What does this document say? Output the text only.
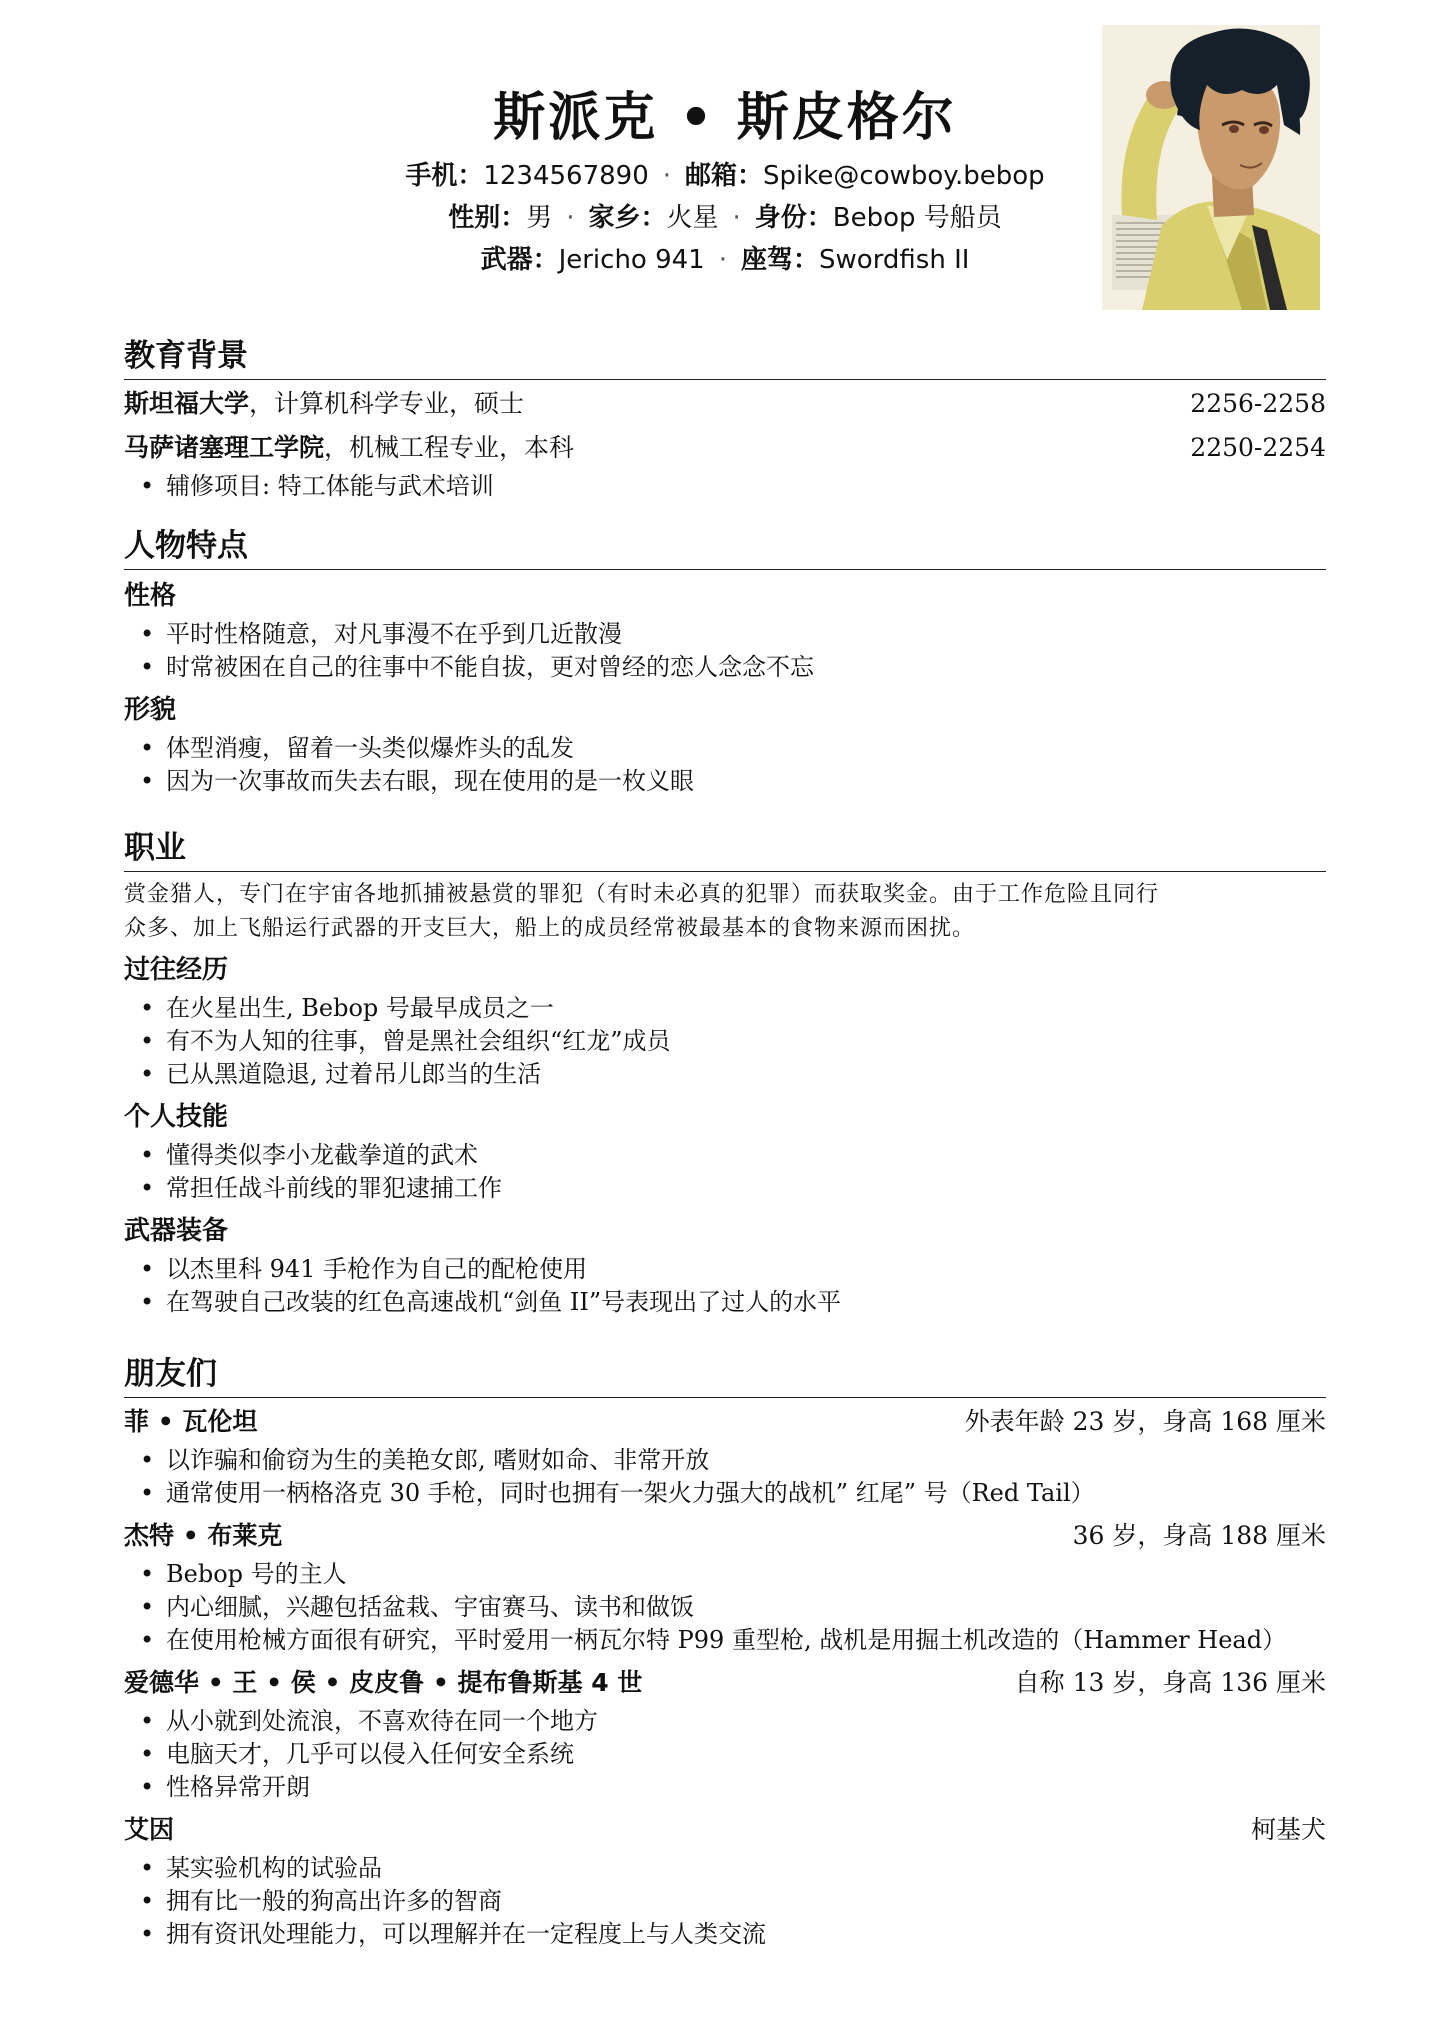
斯派克 • 斯皮格尔
手机：1234567890 · 邮箱：Spike@cowboy.bebop
性别：男 · 家乡：火星 · 身份：Bebop 号船员
武器：Jericho 941 · 座驾：Swordfish II
教育背景
斯坦福大学，计算机科学专业，硕士	2256-2258
马萨诸塞理工学院，机械工程专业，本科	2250-2254
• 辅修项目: 特工体能与武术培训
人物特点
性格
• 平时性格随意，对凡事漫不在乎到几近散漫
• 时常被困在自己的往事中不能自拔，更对曾经的恋人念念不忘
形貌
• 体型消瘦，留着一头类似爆炸头的乱发
• 因为一次事故而失去右眼，现在使用的是一枚义眼
职业
赏金猎人，专门在宇宙各地抓捕被悬赏的罪犯（有时未必真的犯罪）而获取奖金。由于工作危险且同行
众多、加上飞船运行武器的开支巨大，船上的成员经常被最基本的食物来源而困扰。
过往经历
• 在火星出生, Bebop 号最早成员之一
• 有不为人知的往事，曾是黑社会组织“红龙”成员
• 已从黑道隐退, 过着吊儿郎当的生活
个人技能
• 懂得类似李小龙截拳道的武术
• 常担任战斗前线的罪犯逮捕工作
武器装备
• 以杰里科 941 手枪作为自己的配枪使用
• 在驾驶自己改装的红色高速战机“剑鱼 II”号表现出了过人的水平
朋友们
菲 • 瓦伦坦	外表年龄 23 岁，身高 168 厘米
• 以诈骗和偷窃为生的美艳女郎, 嗜财如命、非常开放
• 通常使用一柄格洛克 30 手枪，同时也拥有一架火力强大的战机” 红尾” 号（Red Tail）
杰特 • 布莱克	36 岁，身高 188 厘米
• Bebop 号的主人
• 内心细腻，兴趣包括盆栽、宇宙赛马、读书和做饭
• 在使用枪械方面很有研究，平时爱用一柄瓦尔特 P99 重型枪, 战机是用掘土机改造的（Hammer Head）
爱德华 • 王 • 侯 • 皮皮鲁 • 提布鲁斯基 4 世	自称 13 岁，身高 136 厘米
• 从小就到处流浪，不喜欢待在同一个地方
• 电脑天才，几乎可以侵入任何安全系统
• 性格异常开朗
艾因	柯基犬
• 某实验机构的试验品
• 拥有比一般的狗高出许多的智商
• 拥有资讯处理能力，可以理解并在一定程度上与人类交流
